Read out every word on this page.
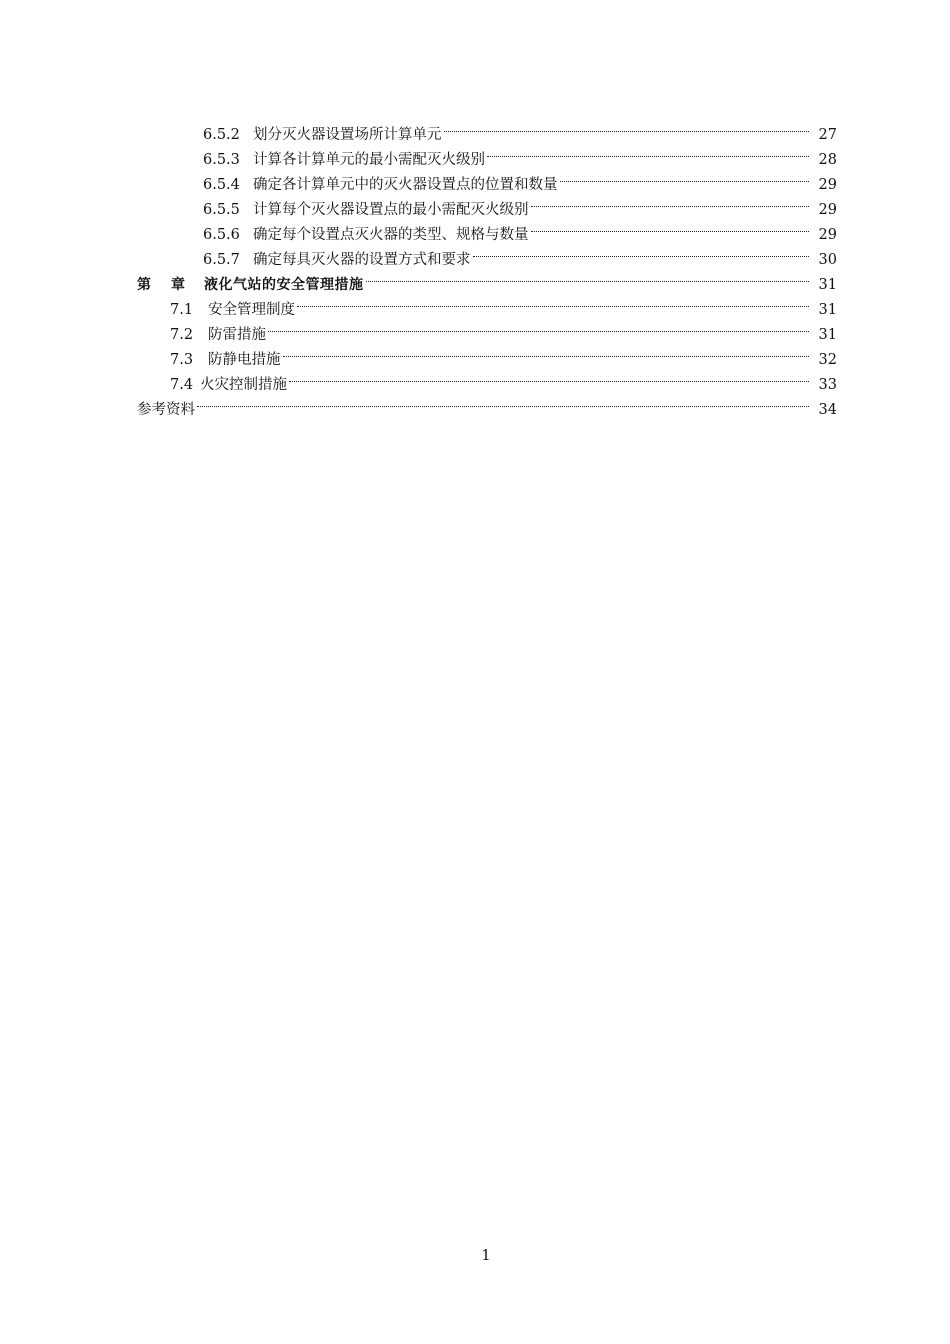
6.5.2 划分灭火器设置场所计算单元	27
6.5.3 计算各计算单元的最小需配灭火级别	28
6.5.4 确定各计算单元中的灭火器设置点的位置和数量	29
6.5.5 计算每个灭火器设置点的最小需配灭火级别	29
6.5.6 确定每个设置点灭火器的类型、规格与数量	29
6.5.7 确定每具灭火器的设置方式和要求	30
第	章	液化气站的安全管理措施	31
7.1	安全管理制度	31
7.2	防雷措施	31
7.3	防静电措施	32
7.4 火灾控制措施	33
参考资料	34
1
